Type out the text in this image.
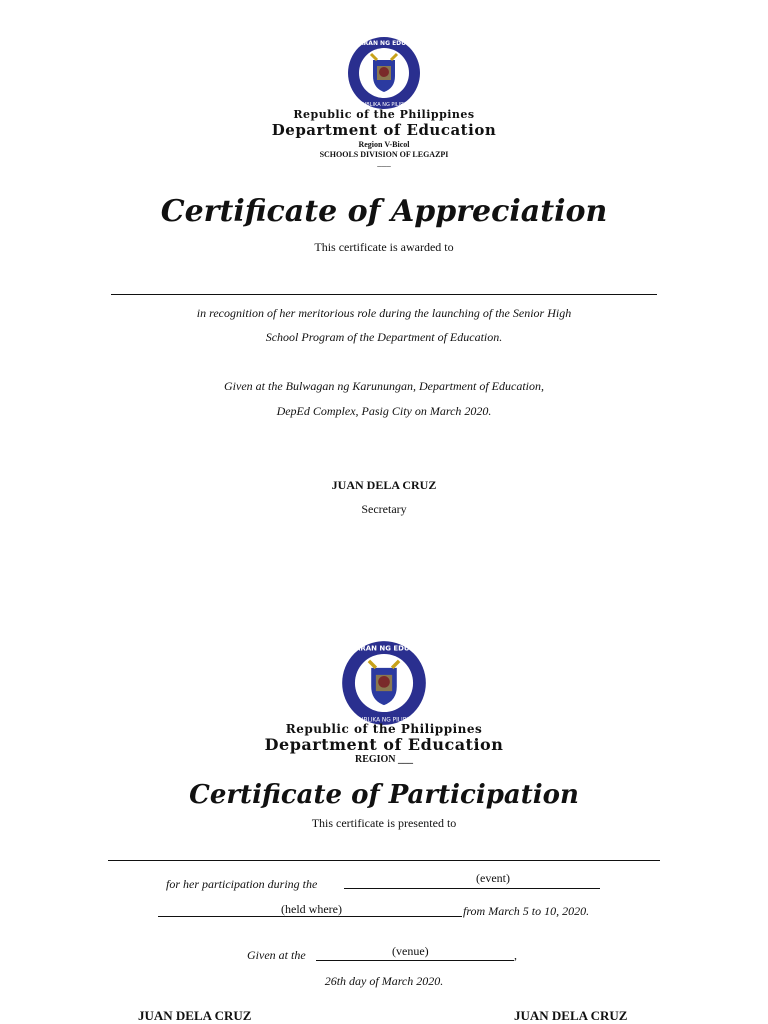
KAGAWARAN NG EDUKASYON
REPUBLIKA NG PILIPINAS
Republic of the Philippines
Department of Education
Region V-Bicol
SCHOOLS DIVISION OF LEGAZPI
___
Certificate of Appreciation
This certificate is awarded to
in recognition of her meritorious role during the launching of the Senior High
School Program of the Department of Education.
Given at the Bulwagan ng Karunungan, Department of Education,
DepEd Complex, Pasig City on March 2020.
JUAN DELA CRUZ
Secretary
KAGAWARAN NG EDUKASYON
REPUBLIKA NG PILIPINAS
Republic of the Philippines
Department of Education
REGION ___
Certificate of Participation
This certificate is presented to
for her participation during the	(event)
(held where)	from March 5 to 10, 2020.
Given at the	(venue)	,
26th day of March 2020.
JUAN DELA CRUZ	JUAN DELA CRUZ
